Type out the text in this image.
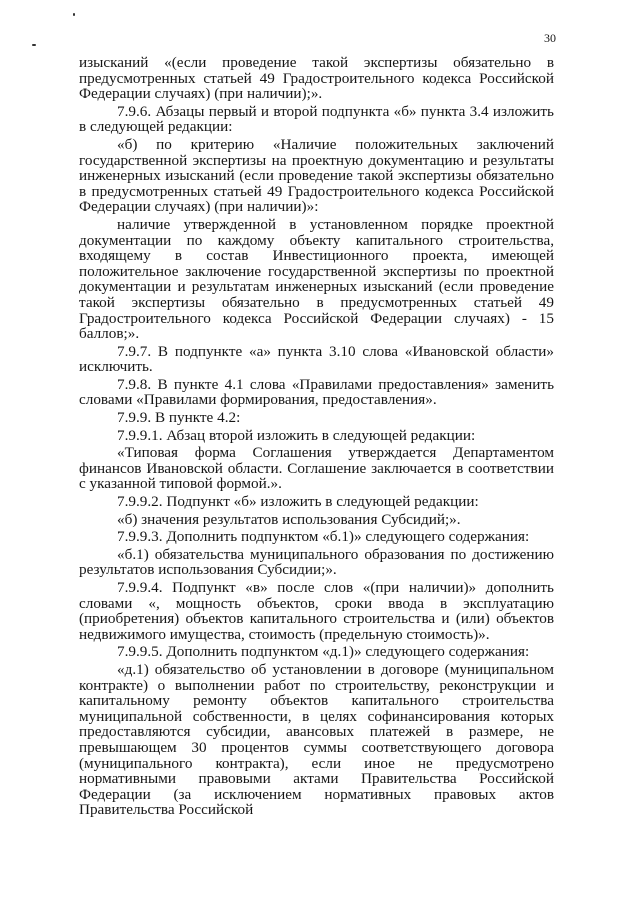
30

изысканий «(если проведение такой экспертизы обязательно в предусмотренных статьей 49 Градостроительного кодекса Российской Федерации случаях) (при наличии);».

7.9.6. Абзацы первый и второй подпункта «б» пункта 3.4 изложить в следующей редакции:

«б) по критерию «Наличие положительных заключений государственной экспертизы на проектную документацию и результаты инженерных изысканий (если проведение такой экспертизы обязательно в предусмотренных статьей 49 Градостроительного кодекса Российской Федерации случаях) (при наличии)»:

наличие утвержденной в установленном порядке проектной документации по каждому объекту капитального строительства, входящему в состав Инвестиционного проекта, имеющей положительное заключение государственной экспертизы по проектной документации и результатам инженерных изысканий (если проведение такой экспертизы обязательно в предусмотренных статьей 49 Градостроительного кодекса Российской Федерации случаях) - 15 баллов;».

7.9.7. В подпункте «а» пункта 3.10 слова «Ивановской области» исключить.

7.9.8. В пункте 4.1 слова «Правилами предоставления» заменить словами «Правилами формирования, предоставления».

7.9.9. В пункте 4.2:

7.9.9.1. Абзац второй изложить в следующей редакции:

«Типовая форма Соглашения утверждается Департаментом финансов Ивановской области. Соглашение заключается в соответствии с указанной типовой формой.».

7.9.9.2. Подпункт «б» изложить в следующей редакции:

«б) значения результатов использования Субсидий;».

7.9.9.3. Дополнить подпунктом «б.1)» следующего содержания:

«б.1) обязательства муниципального образования по достижению результатов использования Субсидии;».

7.9.9.4. Подпункт «в» после слов «(при наличии)» дополнить словами «, мощность объектов, сроки ввода в эксплуатацию (приобретения) объектов капитального строительства и (или) объектов недвижимого имущества, стоимость (предельную стоимость)».

7.9.9.5. Дополнить подпунктом «д.1)» следующего содержания:

«д.1) обязательство об установлении в договоре (муниципальном контракте) о выполнении работ по строительству, реконструкции и капитальному ремонту объектов капитального строительства муниципальной собственности, в целях софинансирования которых предоставляются субсидии, авансовых платежей в размере, не превышающем 30 процентов суммы соответствующего договора (муниципального контракта), если иное не предусмотрено нормативными правовыми актами Правительства Российской Федерации (за исключением нормативных правовых актов Правительства Российской
